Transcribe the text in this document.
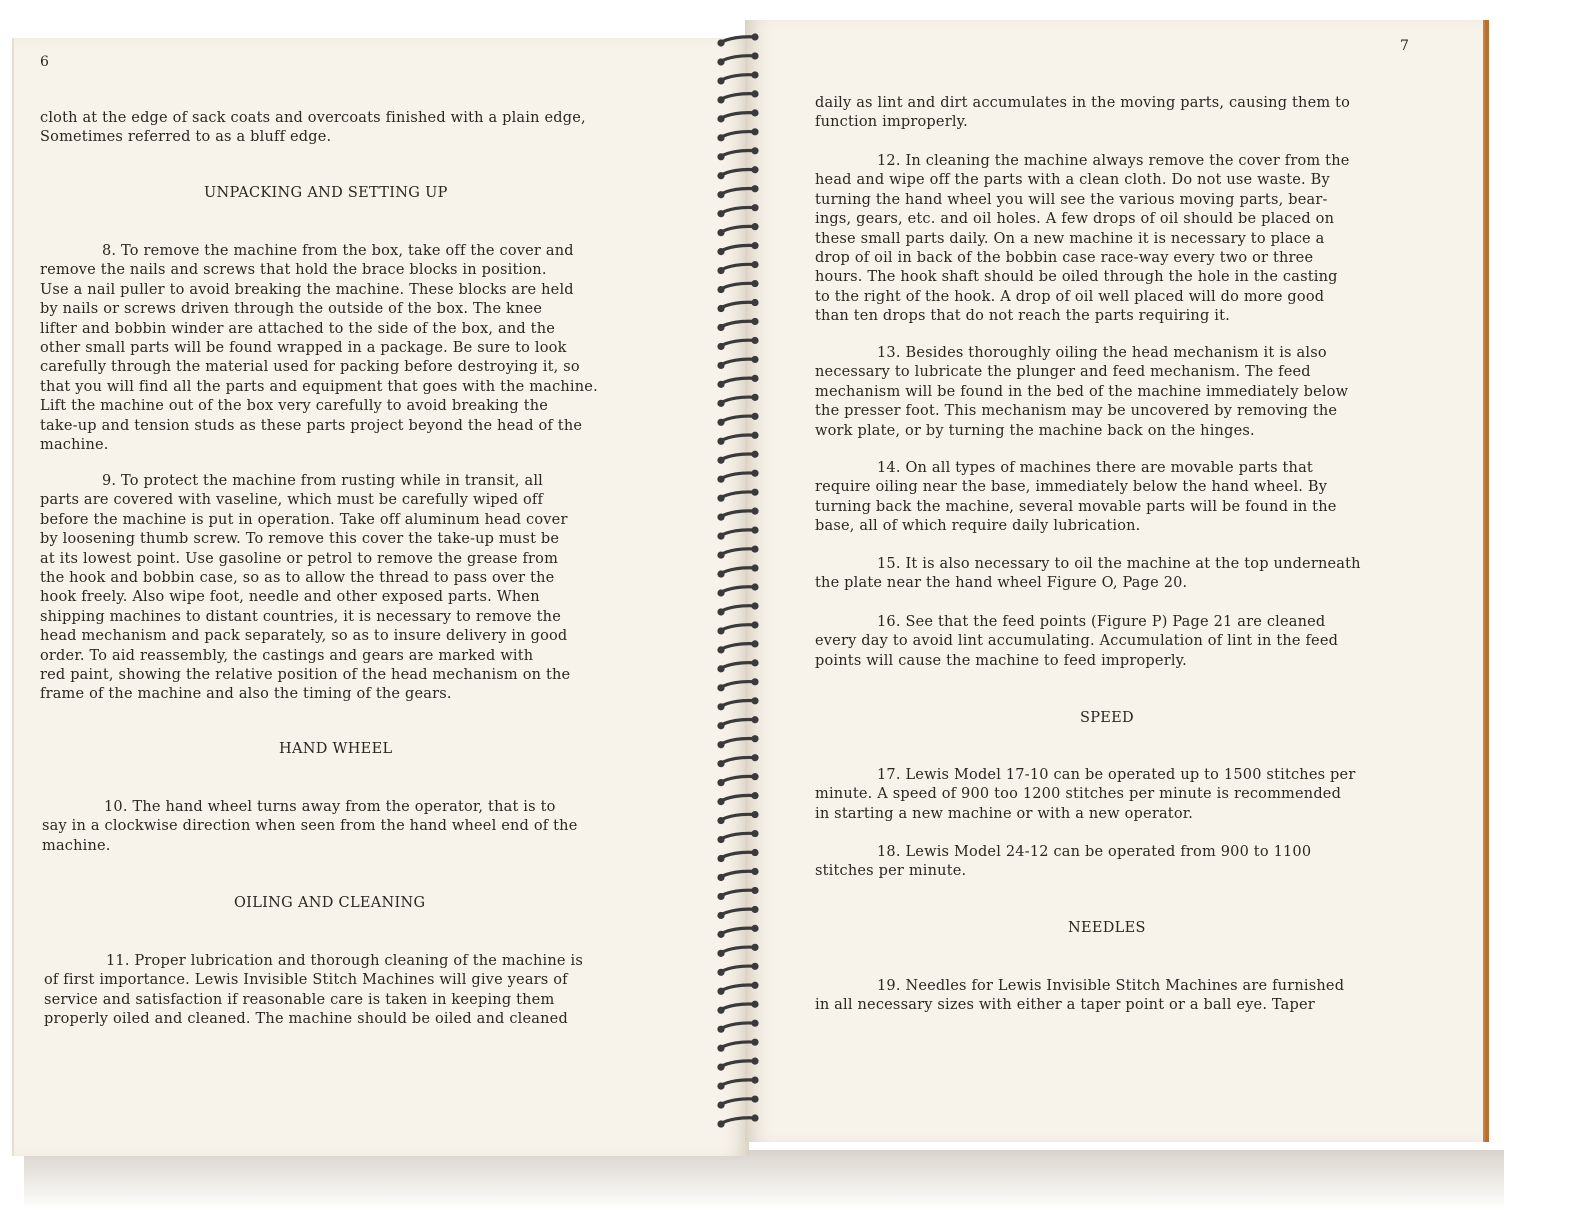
6

cloth at the edge of sack coats and overcoats finished with a plain edge,

Sometimes referred to as a bluff edge.

UNPACKING AND SETTING UP

8. To remove the machine from the box, take off the cover and

remove the nails and screws that hold the brace blocks in position.

Use a nail puller to avoid breaking the machine. These blocks are held

by nails or screws driven through the outside of the box. The knee

lifter and bobbin winder are attached to the side of the box, and the

other small parts will be found wrapped in a package. Be sure to look

carefully through the material used for packing before destroying it, so

that you will find all the parts and equipment that goes with the machine.

Lift the machine out of the box very carefully to avoid breaking the

take-up and tension studs as these parts project beyond the head of the

machine.

9. To protect the machine from rusting while in transit, all

parts are covered with vaseline, which must be carefully wiped off

before the machine is put in operation. Take off aluminum head cover

by loosening thumb screw. To remove this cover the take-up must be

at its lowest point. Use gasoline or petrol to remove the grease from

the hook and bobbin case, so as to allow the thread to pass over the

hook freely. Also wipe foot, needle and other exposed parts. When

shipping machines to distant countries, it is necessary to remove the

head mechanism and pack separately, so as to insure delivery in good

order. To aid reassembly, the castings and gears are marked with

red paint, showing the relative position of the head mechanism on the

frame of the machine and also the timing of the gears.

HAND WHEEL

10. The hand wheel turns away from the operator, that is to

say in a clockwise direction when seen from the hand wheel end of the

machine.

OILING AND CLEANING

11. Proper lubrication and thorough cleaning of the machine is

of first importance. Lewis Invisible Stitch Machines will give years of

service and satisfaction if reasonable care is taken in keeping them

properly oiled and cleaned. The machine should be oiled and cleaned

7

daily as lint and dirt accumulates in the moving parts, causing them to

function improperly.

12. In cleaning the machine always remove the cover from the

head and wipe off the parts with a clean cloth. Do not use waste. By

turning the hand wheel you will see the various moving parts, bear-

ings, gears, etc. and oil holes. A few drops of oil should be placed on

these small parts daily. On a new machine it is necessary to place a

drop of oil in back of the bobbin case race-way every two or three

hours. The hook shaft should be oiled through the hole in the casting

to the right of the hook. A drop of oil well placed will do more good

than ten drops that do not reach the parts requiring it.

13. Besides thoroughly oiling the head mechanism it is also

necessary to lubricate the plunger and feed mechanism. The feed

mechanism will be found in the bed of the machine immediately below

the presser foot. This mechanism may be uncovered by removing the

work plate, or by turning the machine back on the hinges.

14. On all types of machines there are movable parts that

require oiling near the base, immediately below the hand wheel. By

turning back the machine, several movable parts will be found in the

base, all of which require daily lubrication.

15. It is also necessary to oil the machine at the top underneath

the plate near the hand wheel Figure O, Page 20.

16. See that the feed points (Figure P) Page 21 are cleaned

every day to avoid lint accumulating. Accumulation of lint in the feed

points will cause the machine to feed improperly.

SPEED

17. Lewis Model 17-10 can be operated up to 1500 stitches per

minute. A speed of 900 too 1200 stitches per minute is recommended

in starting a new machine or with a new operator.

18. Lewis Model 24-12 can be operated from 900 to 1100

stitches per minute.

NEEDLES

19. Needles for Lewis Invisible Stitch Machines are furnished

in all necessary sizes with either a taper point or a ball eye. Taper
